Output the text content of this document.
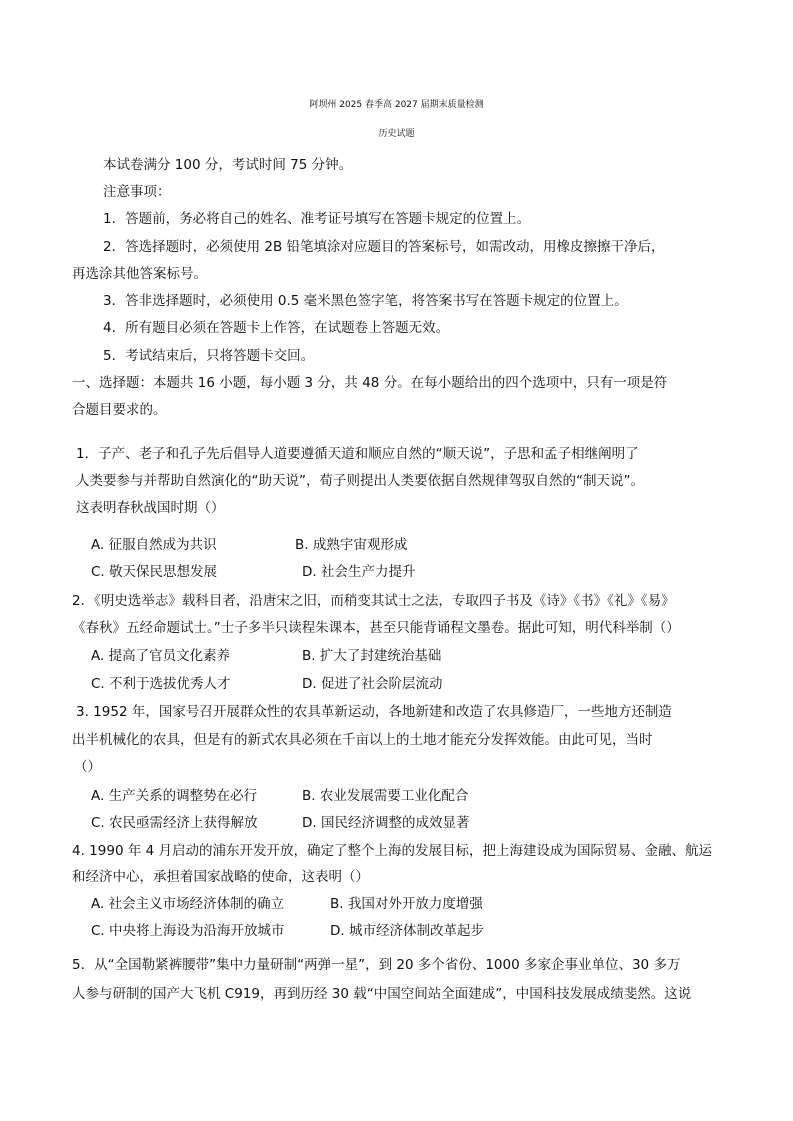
阿坝州 2025 春季高 2027 届期末质量检测
历史试题
本试卷满分 100 分，考试时间 75 分钟。
注意事项：
1．答题前，务必将自己的姓名、准考证号填写在答题卡规定的位置上。
2．答选择题时，必须使用 2B 铅笔填涂对应题目的答案标号，如需改动，用橡皮擦擦干净后，
再选涂其他答案标号。
3．答非选择题时，必须使用 0.5 毫米黑色签字笔，将答案书写在答题卡规定的位置上。
4．所有题目必须在答题卡上作答，在试题卷上答题无效。
5．考试结束后，只将答题卡交回。
一、选择题：本题共 16 小题，每小题 3 分，共 48 分。在每小题给出的四个选项中，只有一项是符
合题目要求的。
1．子产、老子和孔子先后倡导人道要遵循天道和顺应自然的“顺天说”，子思和孟子相继阐明了
人类要参与并帮助自然演化的“助天说”，荀子则提出人类要依据自然规律驾驭自然的“制天说”。
这表明春秋战国时期（）
A. 征服自然成为共识	B. 成熟宇宙观形成
C. 敬天保民思想发展	D. 社会生产力提升
2．《明史选举志》载科目者，沿唐宋之旧，而稍变其试士之法，专取四子书及《诗》《书》《礼》《易》
《春秋》五经命题试士。”士子多半只读程朱课本，甚至只能背诵程文墨卷。据此可知，明代科举制（）
A. 提高了官员文化素养	B. 扩大了封建统治基础
C. 不利于选拔优秀人才	D. 促进了社会阶层流动
3. 1952 年，国家号召开展群众性的农具革新运动，各地新建和改造了农具修造厂，一些地方还制造
出半机械化的农具，但是有的新式农具必须在千亩以上的土地才能充分发挥效能。由此可见，当时
（）
A. 生产关系的调整势在必行	B. 农业发展需要工业化配合
C. 农民亟需经济上获得解放	D. 国民经济调整的成效显著
4. 1990 年 4 月启动的浦东开发开放，确定了整个上海的发展目标，把上海建设成为国际贸易、金融、航运
和经济中心，承担着国家战略的使命，这表明（）
A. 社会主义市场经济体制的确立	B. 我国对外开放力度增强
C. 中央将上海设为沿海开放城市	D. 城市经济体制改革起步
5．从“全国勒紧裤腰带”集中力量研制“两弹一星”，到 20 多个省份、1000 多家企事业单位、30 多万
人参与研制的国产大飞机 C919，再到历经 30 载“中国空间站全面建成”，中国科技发展成绩斐然。这说
